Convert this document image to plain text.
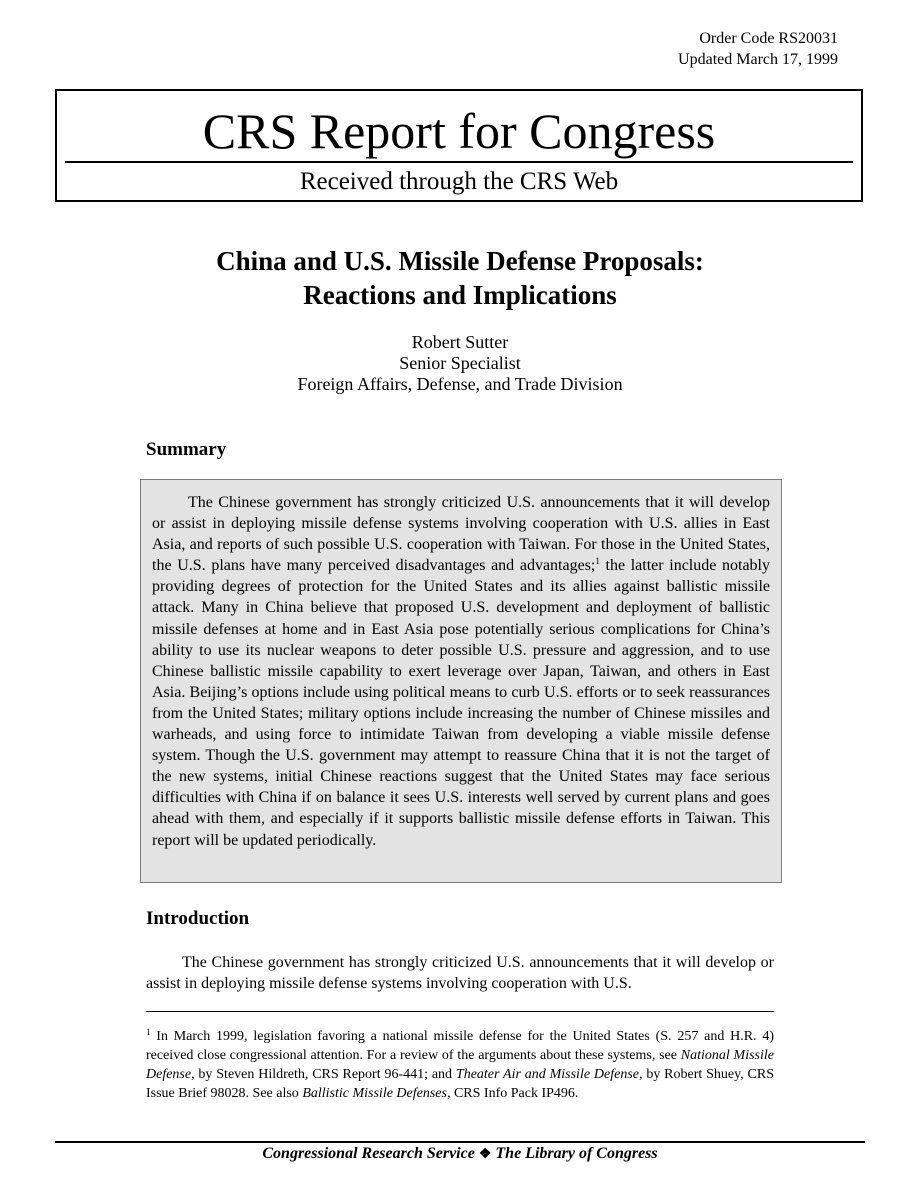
Order Code RS20031
Updated March 17, 1999
CRS Report for Congress
Received through the CRS Web
China and U.S. Missile Defense Proposals:
Reactions and Implications
Robert Sutter
Senior Specialist
Foreign Affairs, Defense, and Trade Division
Summary
The Chinese government has strongly criticized U.S. announcements that it will develop or assist in deploying missile defense systems involving cooperation with U.S. allies in East Asia, and reports of such possible U.S. cooperation with Taiwan. For those in the United States, the U.S. plans have many perceived disadvantages and advantages;$^1$ the latter include notably providing degrees of protection for the United States and its allies against ballistic missile attack. Many in China believe that proposed U.S. development and deployment of ballistic missile defenses at home and in East Asia pose potentially serious complications for China’s ability to use its nuclear weapons to deter possible U.S. pressure and aggression, and to use Chinese ballistic missile capability to exert leverage over Japan, Taiwan, and others in East Asia. Beijing’s options include using political means to curb U.S. efforts or to seek reassurances from the United States; military options include increasing the number of Chinese missiles and warheads, and using force to intimidate Taiwan from developing a viable missile defense system. Though the U.S. government may attempt to reassure China that it is not the target of the new systems, initial Chinese reactions suggest that the United States may face serious difficulties with China if on balance it sees U.S. interests well served by current plans and goes ahead with them, and especially if it supports ballistic missile defense efforts in Taiwan. This report will be updated periodically.
Introduction
The Chinese government has strongly criticized U.S. announcements that it will develop or assist in deploying missile defense systems involving cooperation with U.S.
$^1$ In March 1999, legislation favoring a national missile defense for the United States (S. 257 and H.R. 4) received close congressional attention. For a review of the arguments about these systems, see National Missile Defense, by Steven Hildreth, CRS Report 96-441; and Theater Air and Missile Defense, by Robert Shuey, CRS Issue Brief 98028. See also Ballistic Missile Defenses, CRS Info Pack IP496.
Congressional Research Service ❖ The Library of Congress
